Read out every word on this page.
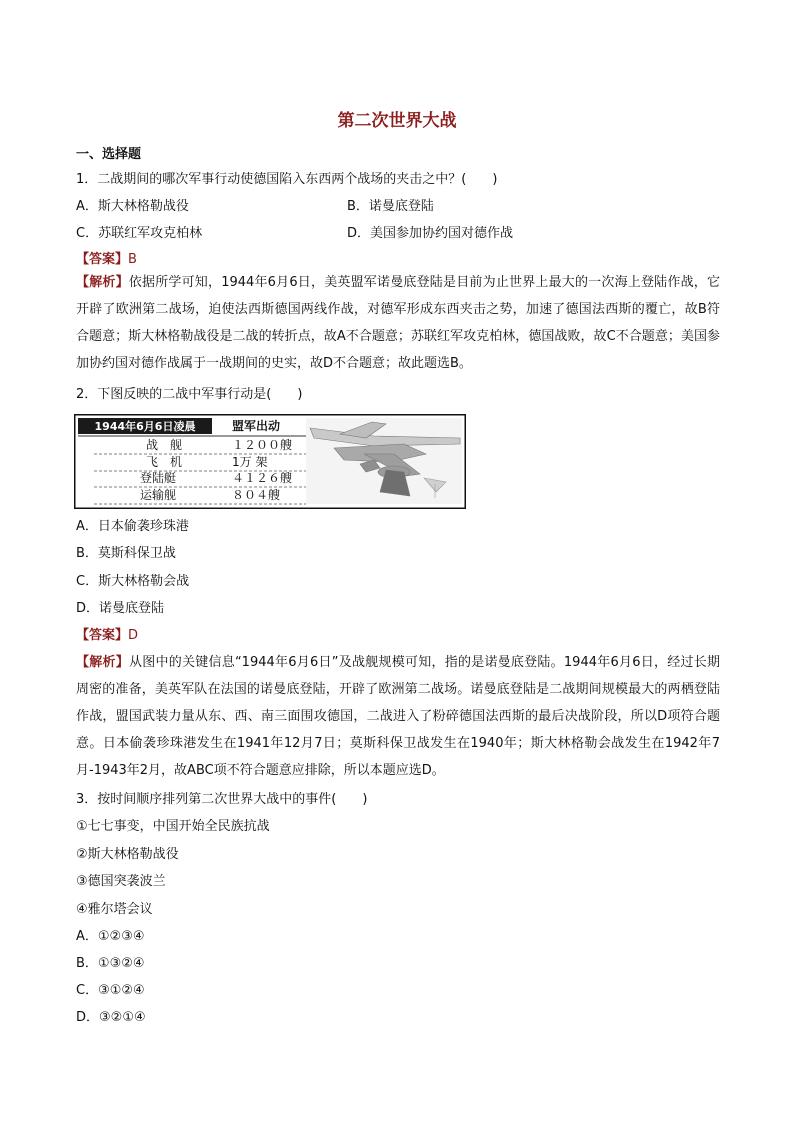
第二次世界大战
一、选择题
1．二战期间的哪次军事行动使德国陷入东西两个战场的夹击之中？(　　)
A．斯大林格勒战役	B．诺曼底登陆
C．苏联红军攻克柏林	D．美国参加协约国对德作战
【答案】B
【解析】依据所学可知，1944年6月6日，美英盟军诺曼底登陆是目前为止世界上最大的一次海上登陆作战，它开辟了欧洲第二战场，迫使法西斯德国两线作战，对德军形成东西夹击之势，加速了德国法西斯的覆亡，故B符合题意；斯大林格勒战役是二战的转折点，故A不合题意；苏联红军攻克柏林，德国战败，故C不合题意；美国参加协约国对德作战属于一战期间的史实，故D不合题意；故此题选B。
2．下图反映的二战中军事行动是(　　)
1944年6月6日凌晨	盟军出动
战　舰	１２００艘
飞　机	1万 架
登陆艇	４１２６艘
运输舰	８０４艘
A．日本偷袭珍珠港
B．莫斯科保卫战
C．斯大林格勒会战
D．诺曼底登陆
【答案】D
【解析】从图中的关键信息“1944年6月6日”及战舰规模可知，指的是诺曼底登陆。1944年6月6日，经过长期周密的准备，美英军队在法国的诺曼底登陆，开辟了欧洲第二战场。诺曼底登陆是二战期间规模最大的两栖登陆作战，盟国武装力量从东、西、南三面围攻德国，二战进入了粉碎德国法西斯的最后决战阶段，所以D项符合题意。日本偷袭珍珠港发生在1941年12月7日；莫斯科保卫战发生在1940年；斯大林格勒会战发生在1942年7月-1943年2月，故ABC项不符合题意应排除，所以本题应选D。
3．按时间顺序排列第二次世界大战中的事件(　　)
①七七事变，中国开始全民族抗战
②斯大林格勒战役
③德国突袭波兰
④雅尔塔会议
A．①②③④
B．①③②④
C．③①②④
D．③②①④
